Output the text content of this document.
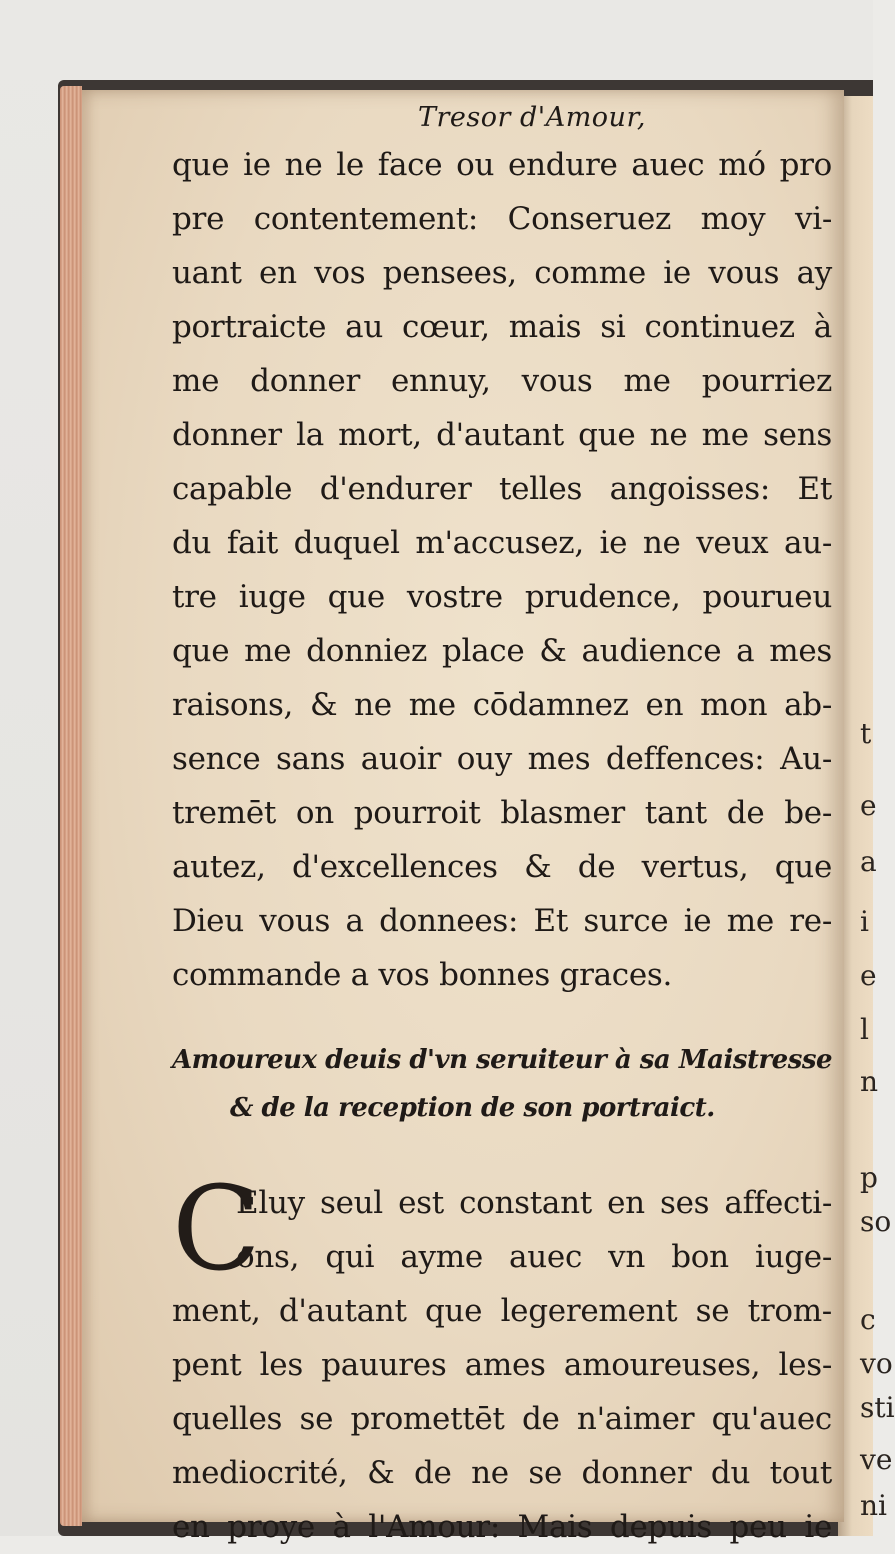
t
e
a
i
e
l
n
p
so
c
vo
sti
ve
ni
Tresor d'Amour,
que ie ne le face ou endure auec mó pro
pre contentement: Conseruez moy vi-
uant en vos pensees, comme ie vous ay
portraicte au cœur, mais si continuez à
me donner ennuy, vous me pourriez
donner la mort, d'autant que ne me sens
capable d'endurer telles angoisses: Et
du fait duquel m'accusez, ie ne veux au-
tre iuge que vostre prudence, pourueu
que me donniez place & audience a mes
raisons, & ne me cōdamnez en mon ab-
sence sans auoir ouy mes deffences: Au-
tremēt on pourroit blasmer tant de be-
autez, d'excellences & de vertus, que
Dieu vous a donnees: Et surce ie me re-
commande a vos bonnes graces.
Amoureux deuis d'vn seruiteur à sa Maistresse
& de la reception de son portraict.
C
Eluy seul est constant en ses affecti-
ons, qui ayme auec vn bon iuge-
ment, d'autant que legerement se trom-
pent les pauures ames amoureuses, les-
quelles se promettēt de n'aimer qu'auec
mediocrité, & de ne se donner du tout
en proye à l'Amour: Mais depuis peu ie
